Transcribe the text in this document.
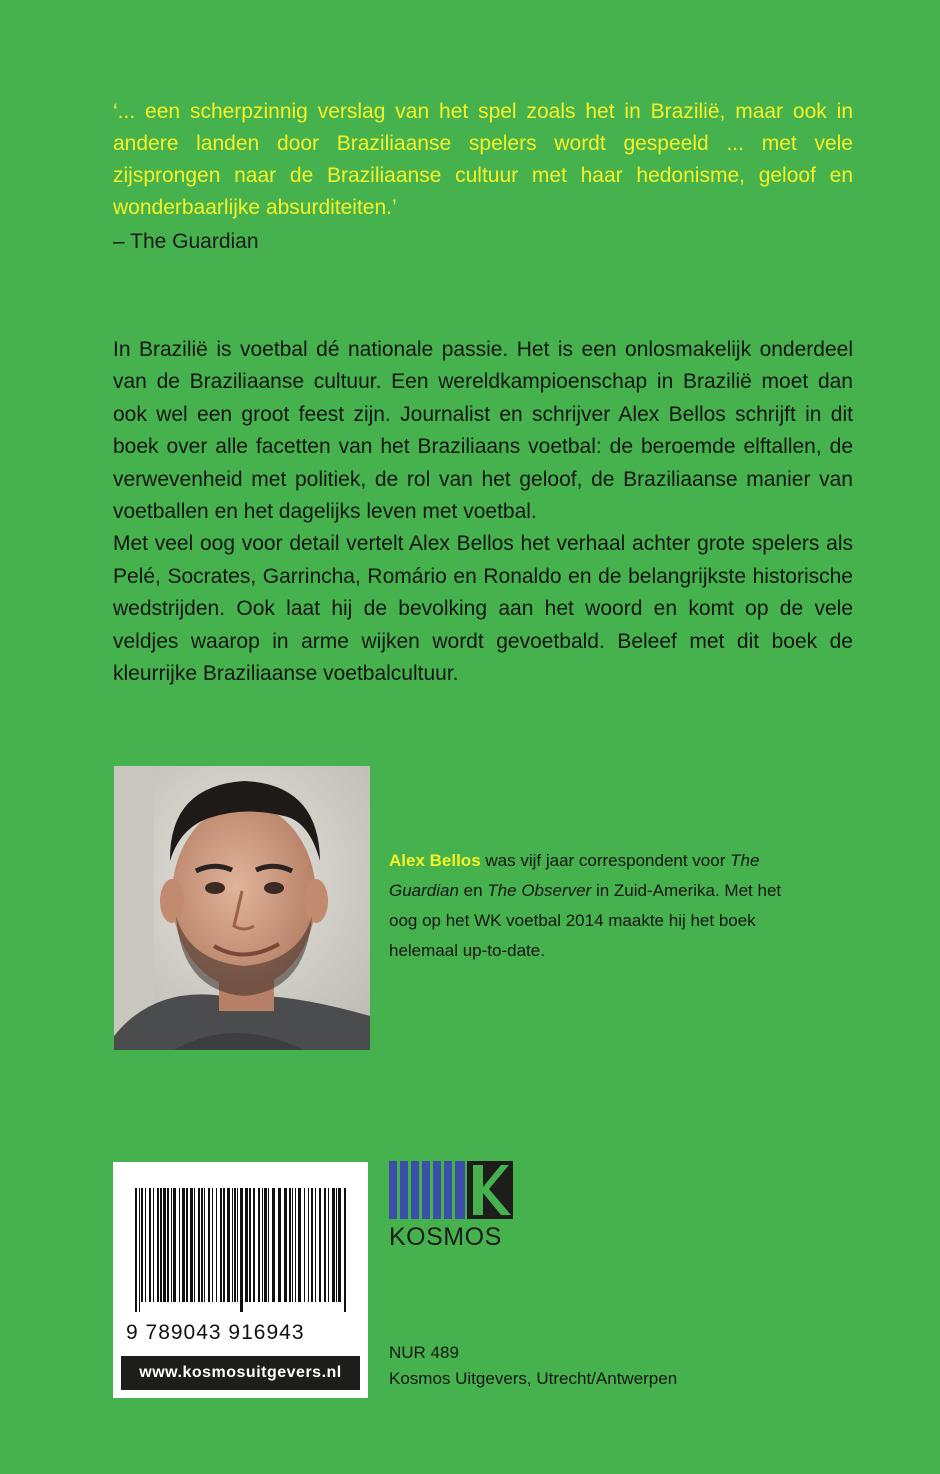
‘... een scherpzinnig verslag van het spel zoals het in Brazilië, maar ook in andere landen door Braziliaanse spelers wordt gespeeld ... met vele zijsprongen naar de Braziliaanse cultuur met haar hedonisme, geloof en wonderbaarlijke absurditeiten.’
– The Guardian

In Brazilië is voetbal dé nationale passie. Het is een onlosmakelijk onderdeel van de Braziliaanse cultuur. Een wereldkampioenschap in Brazilië moet dan ook wel een groot feest zijn. Journalist en schrijver Alex Bellos schrijft in dit boek over alle facetten van het Braziliaans voetbal: de beroemde elftallen, de verwevenheid met politiek, de rol van het geloof, de Braziliaanse manier van voetballen en het dagelijks leven met voetbal.

Met veel oog voor detail vertelt Alex Bellos het verhaal achter grote spelers als Pelé, Socrates, Garrincha, Romário en Ronaldo en de belangrijkste historische wedstrijden. Ook laat hij de bevolking aan het woord en komt op de vele veldjes waarop in arme wijken wordt gevoetbald. Beleef met dit boek de kleurrijke Braziliaanse voetbalcultuur.

Alex Bellos was vijf jaar correspondent voor The Guardian en The Observer in Zuid-Amerika. Met het oog op het WK voetbal 2014 maakte hij het boek helemaal up-to-date.
9 789043 916943
www.kosmosuitgevers.nl
KOSMOS
NUR 489
Kosmos Uitgevers, Utrecht/Antwerpen
